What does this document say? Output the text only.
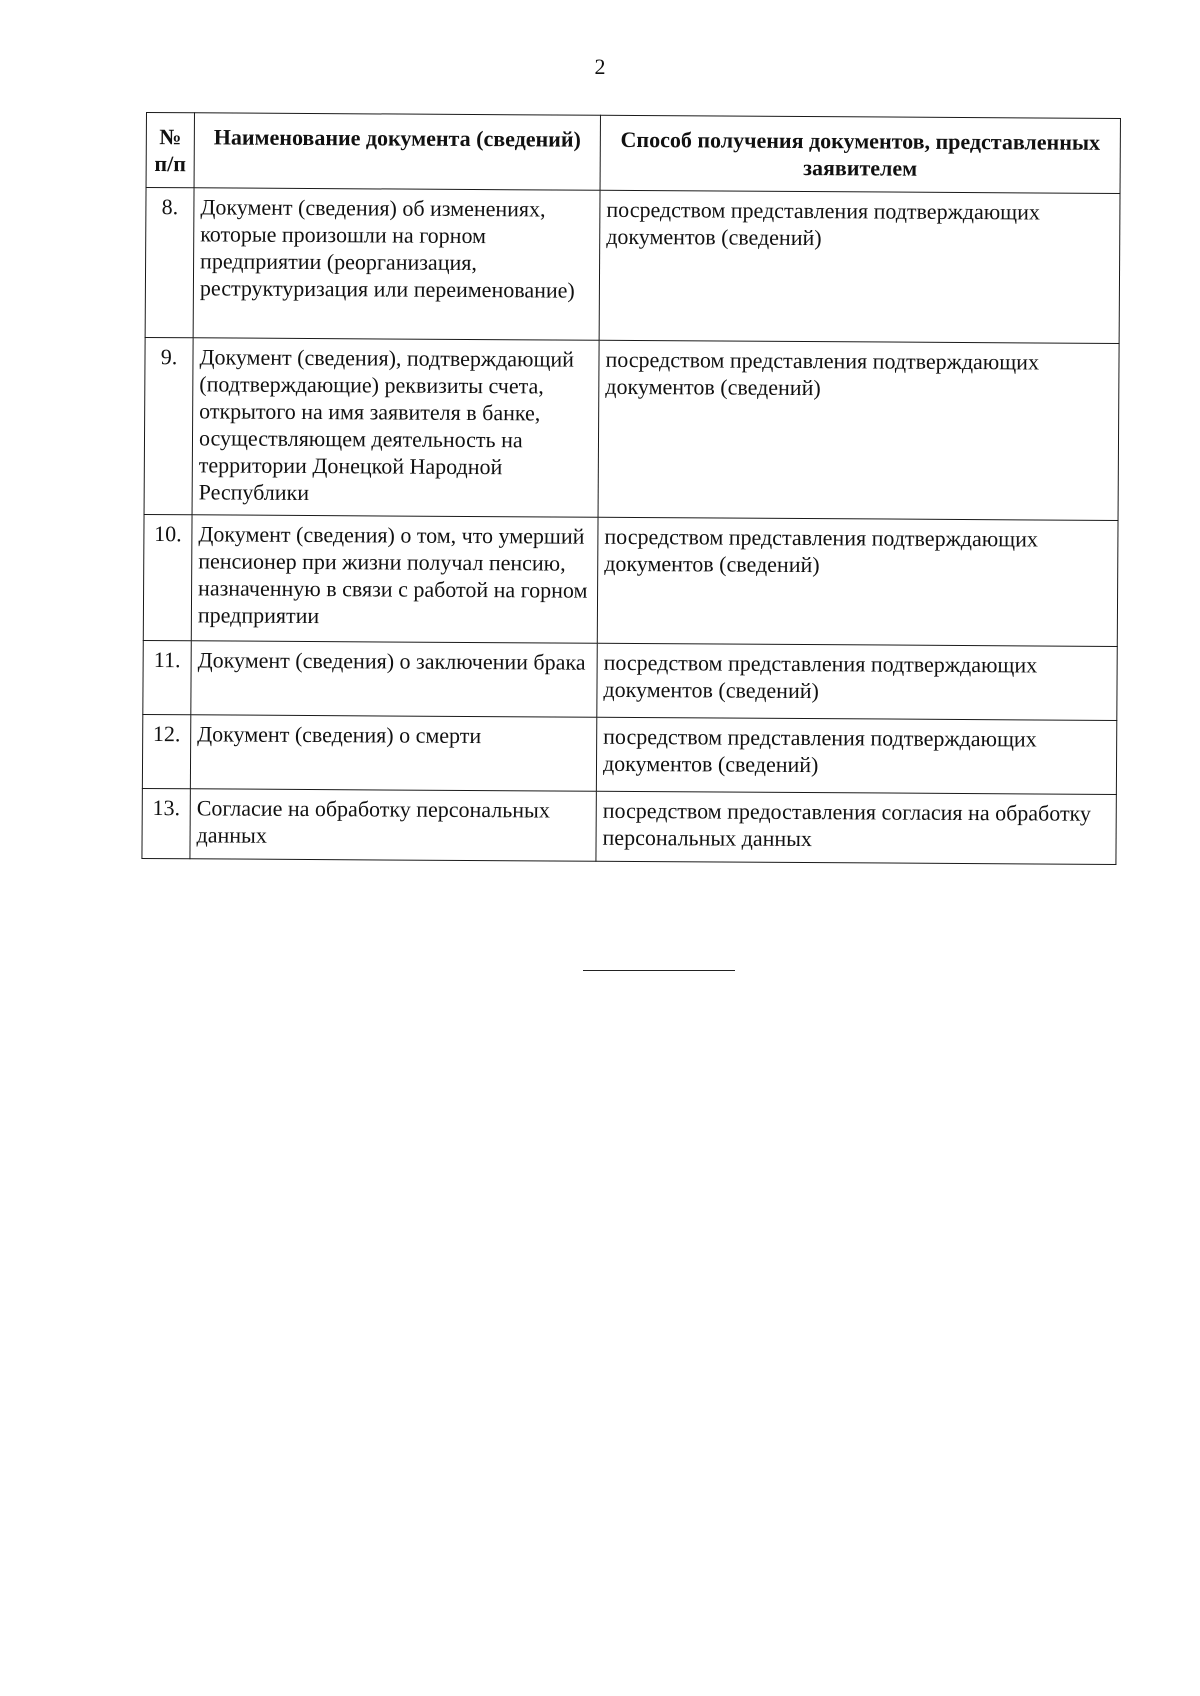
2
№ п/п	Наименование документа (сведений)	Способ получения документов, представленных заявителем
8.	Документ (сведения) об изменениях, которые произошли на горном предприятии (реорганизация, реструктуризация или переименование)	посредством представления подтверждающих документов (сведений)
9.	Документ (сведения), подтверждающий (подтверждающие) реквизиты счета, открытого на имя заявителя в банке, осуществляющем деятельность на территории Донецкой Народной Республики	посредством представления подтверждающих документов (сведений)
10.	Документ (сведения) о том, что умерший пенсионер при жизни получал пенсию, назначенную в связи с работой на горном предприятии	посредством представления подтверждающих документов (сведений)
11.	Документ (сведения) о заключении брака	посредством представления подтверждающих документов (сведений)
12.	Документ (сведения) о смерти	посредством представления подтверждающих документов (сведений)
13.	Согласие на обработку персональных данных	посредством предоставления согласия на обработку персональных данных
